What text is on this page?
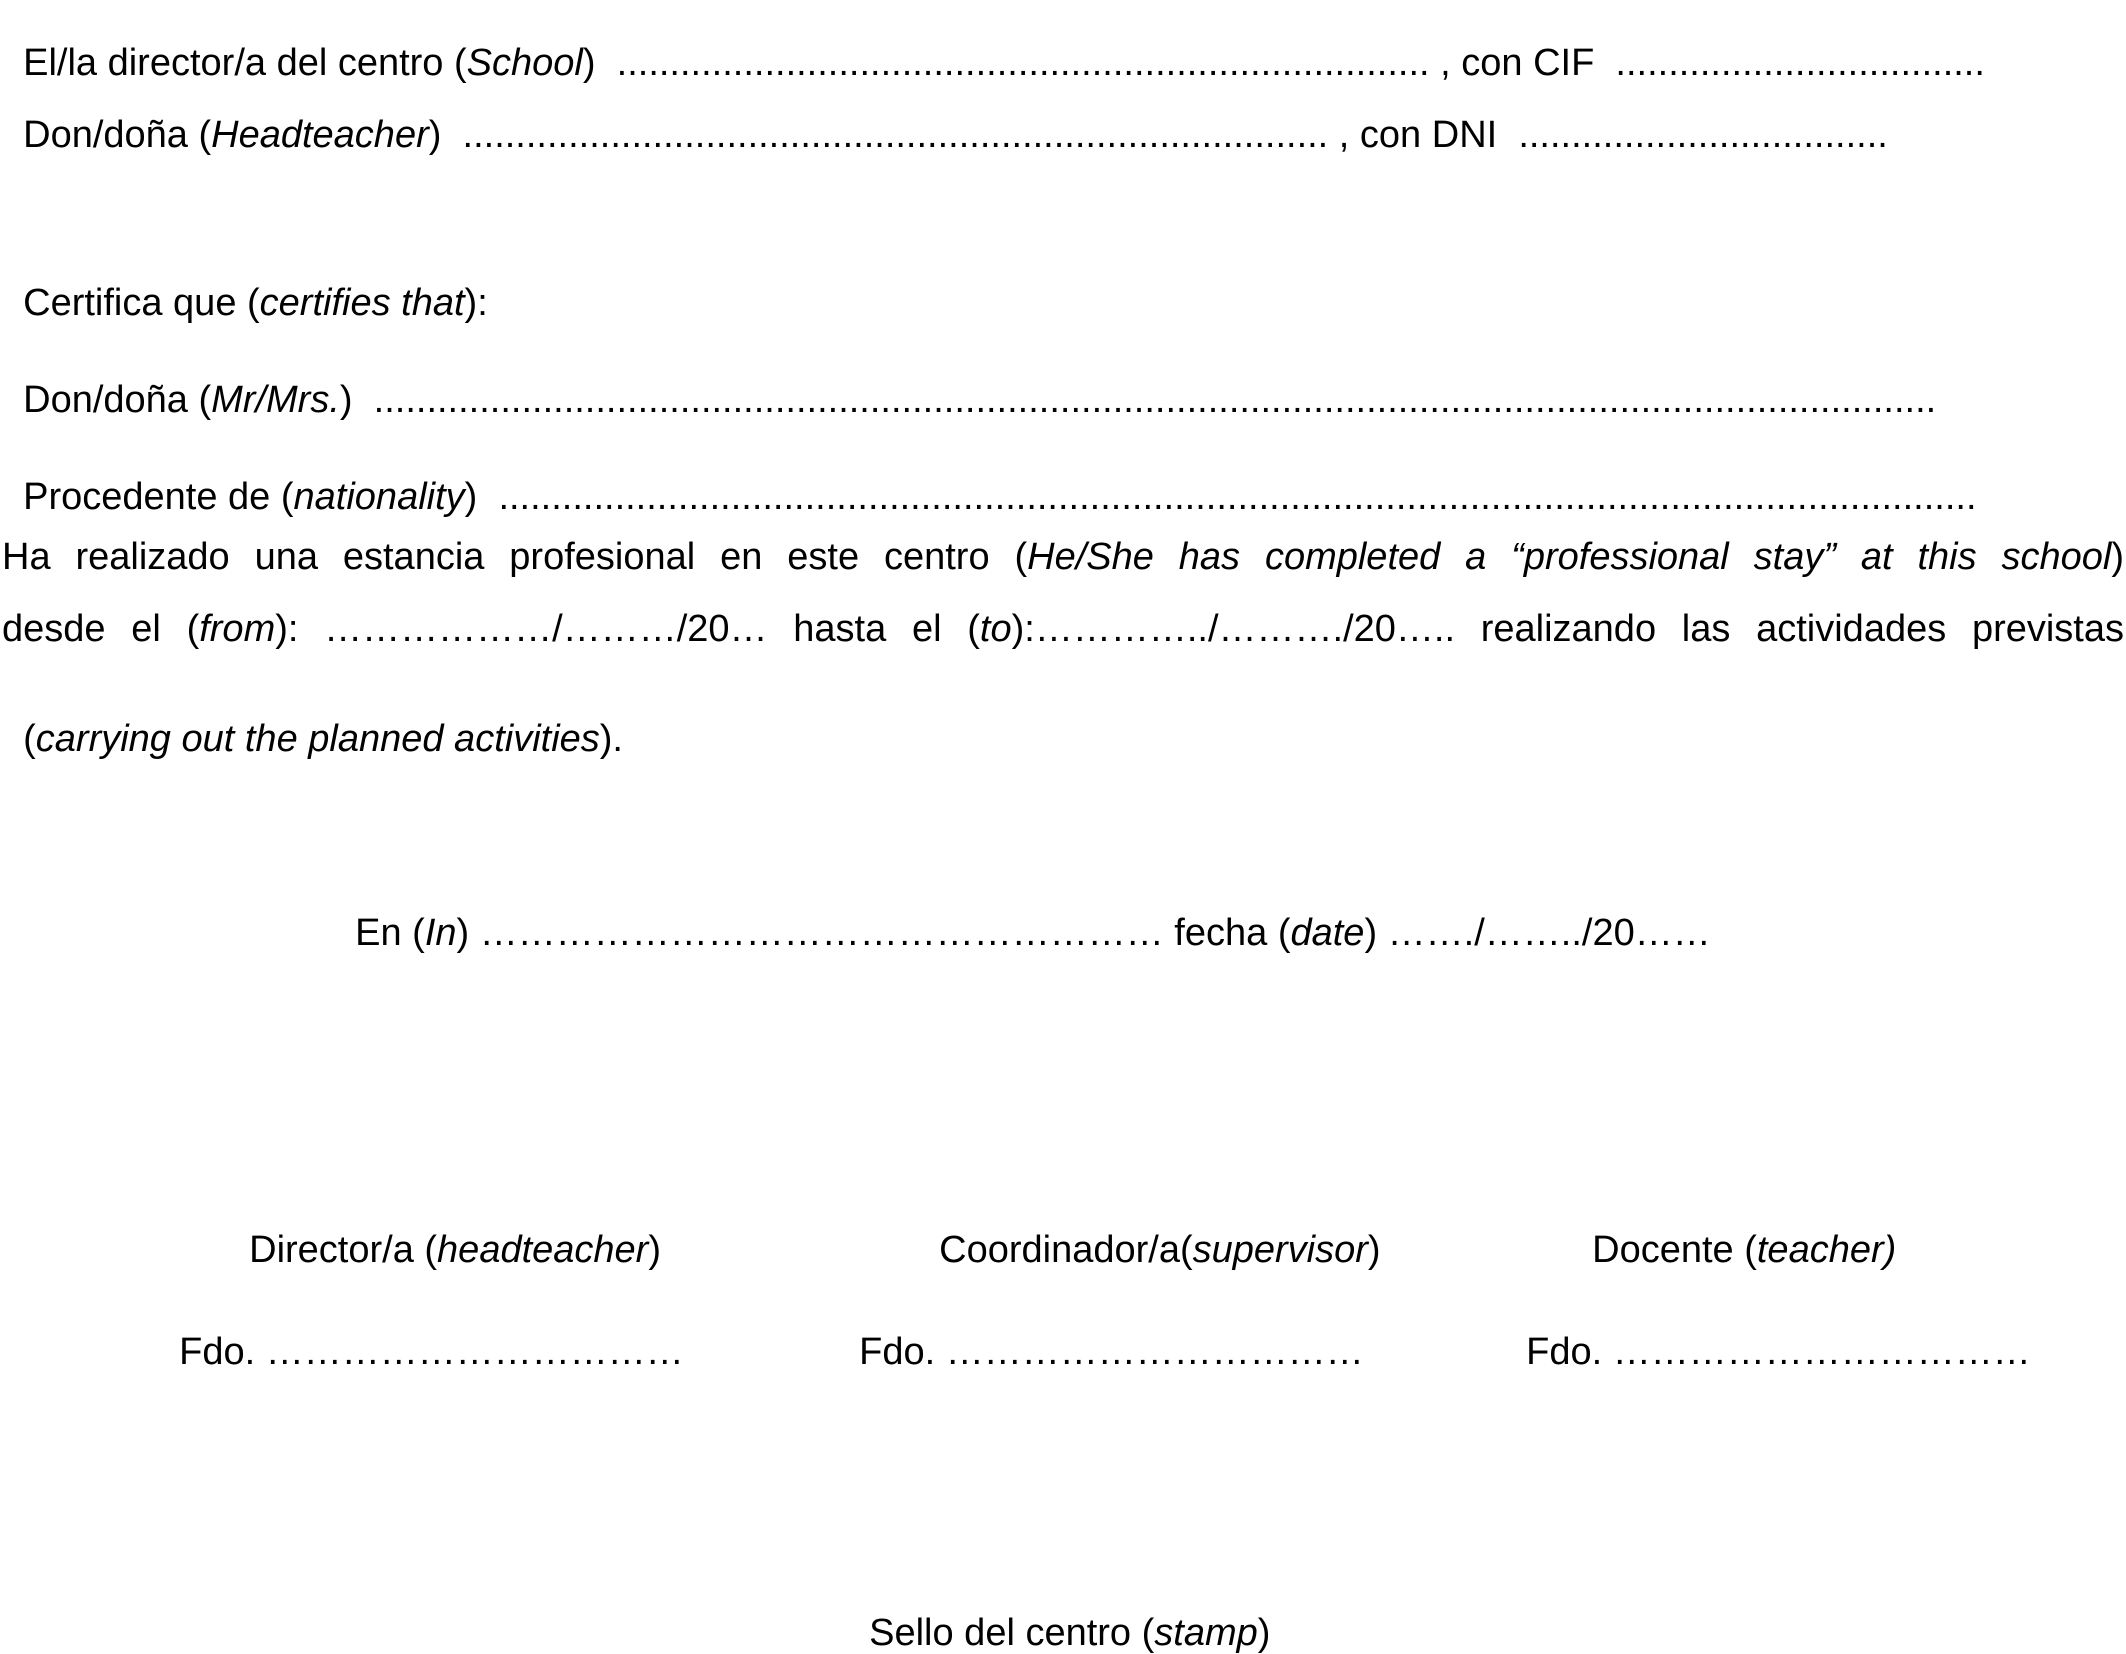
El/la director/a del centro (School)  ............................................................................. , con CIF  ...................................

Don/doña (Headteacher)  .................................................................................. , con DNI  ...................................

Certifica que (certifies that):

Don/doña (Mr/Mrs.)  ....................................................................................................................................................

Procedente de (nationality)  ............................................................................................................................................

Ha realizado una estancia profesional en este centro (He/She has completed a “professional stay” at this school)
desde el (from): ………………/………/20… hasta el (to):…………../………./20….. realizando las actividades previstas

(carrying out the planned activities).

En (In) ……………………………………………… fecha (date) ……./……../20……

Director/a (headteacher)	Coordinador/a(supervisor)	Docente (teacher)

Fdo. ……………………………	Fdo. ……………………………	Fdo. ……………………………

Sello del centro (stamp)
